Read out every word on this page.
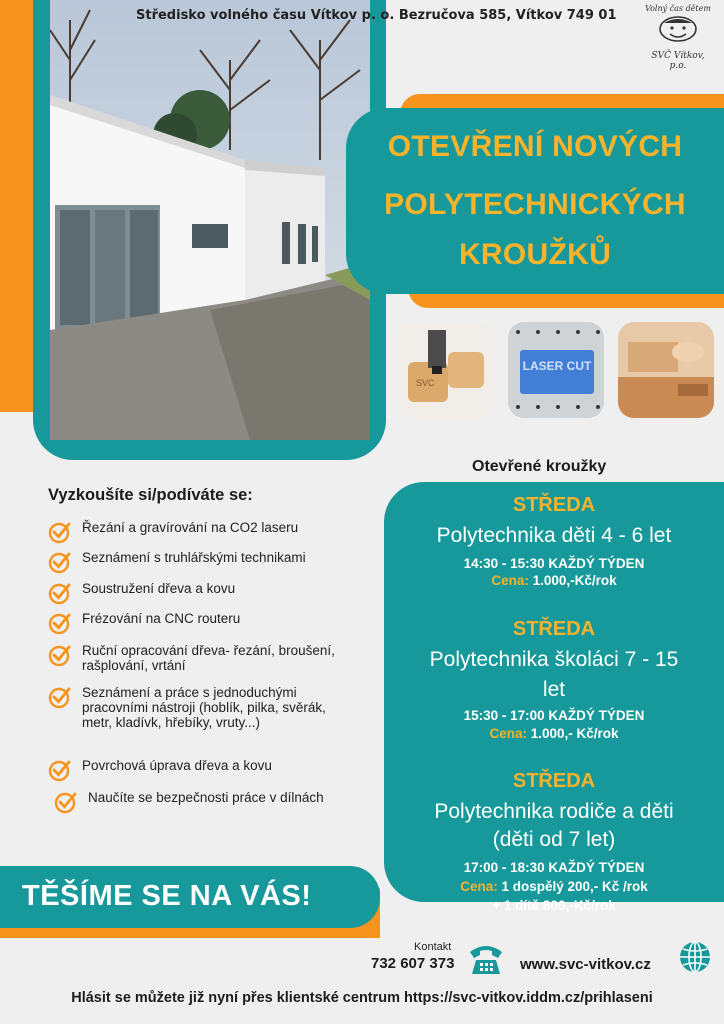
Středisko volného času Vítkov p. o. Bezručova 585, Vítkov 749 01	Volný čas dětem
SVČ Vítkov, p.o.
OTEVŘENÍ NOVÝCH
POLYTECHNICKÝCH
KROUŽKŮ
SVC
LASER CUT
Vyzkoušíte si/podíváte se:
Řezání a gravírování na CO2 laseru
Seznámení s truhlářskými technikami
Soustružení dřeva a kovu
Frézování na CNC routeru
Ruční opracování dřeva- řezání, broušení, rašplování, vrtání
Seznámení a práce s jednoduchými pracovními nástroji (hoblík, pilka, svěrák, metr, kladívk, hřebíky, vruty...)
Povrchová úprava dřeva a kovu
Naučíte se bezpečnosti práce v dílnách
Otevřené kroužky
STŘEDA
Polytechnika děti 4 - 6 let
14:30 - 15:30 KAŽDÝ TÝDEN
Cena: 1.000,-Kč/rok
STŘEDA
Polytechnika školáci 7 - 15
let
15:30 - 17:00 KAŽDÝ TÝDEN
Cena: 1.000,- Kč/rok
STŘEDA
Polytechnika rodiče a děti
(děti od 7 let)
17:00 - 18:30 KAŽDÝ TÝDEN
Cena: 1 dospělý 200,- Kč /rok
+ 1 dítě 800,-Kč/rok
TĚŠÍME SE NA VÁS!
Kontakt
732 607 373	www.svc-vitkov.cz
Hlásit se můžete již nyní přes klientské centrum https://svc-vitkov.iddm.cz/prihlaseni
